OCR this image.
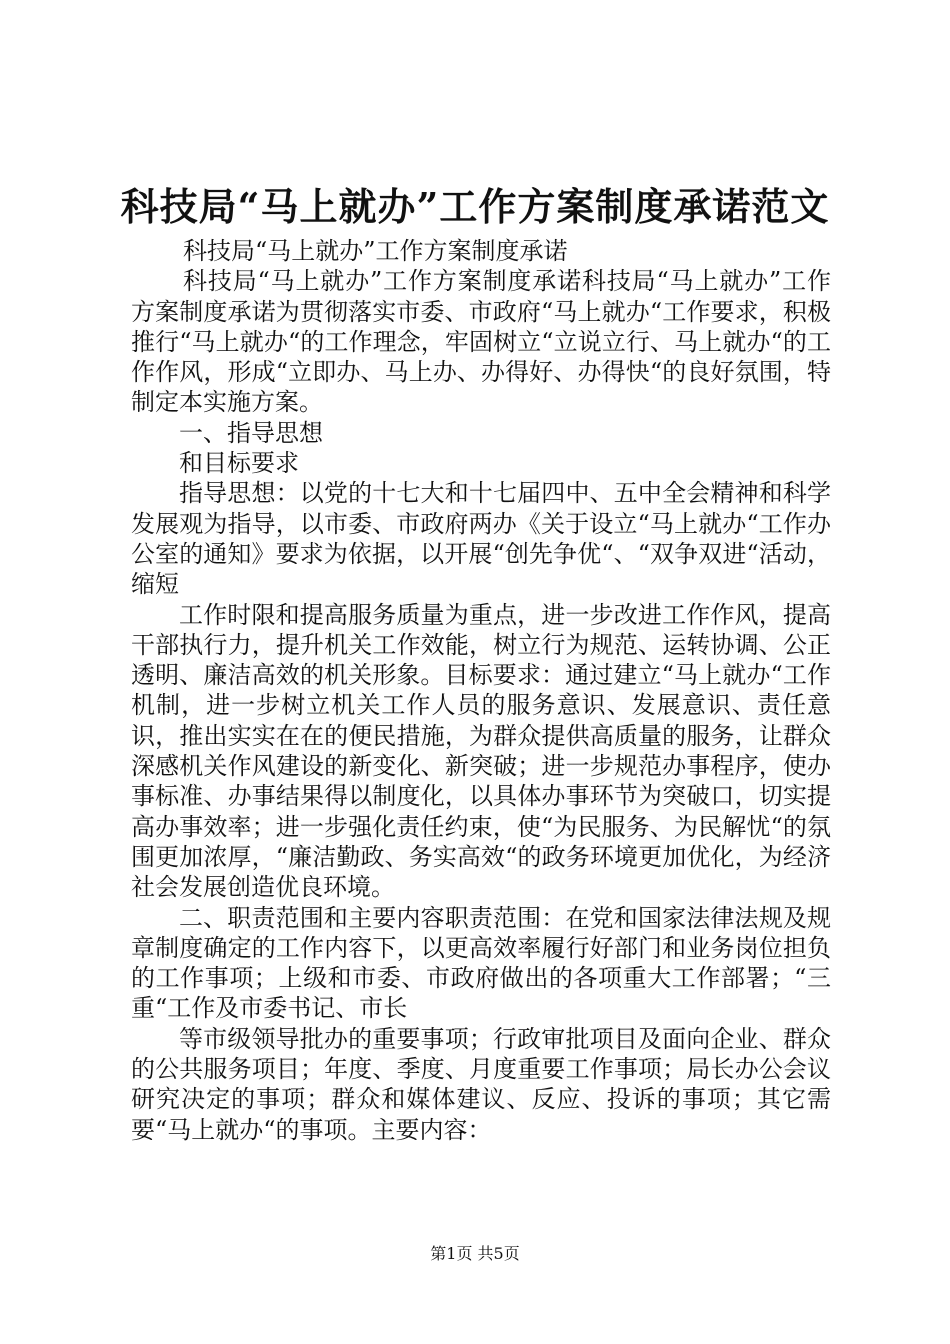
科技局“马上就办”工作方案制度承诺范文

科技局“马上就办”工作方案制度承诺

科技局“马上就办”工作方案制度承诺科技局“马上就办”工作方案制度承诺为贯彻落实市委、市政府“马上就办“工作要求，积极推行“马上就办“的工作理念，牢固树立“立说立行、马上就办“的工作作风，形成“立即办、马上办、办得好、办得快“的良好氛围，特制定本实施方案。

一、指导思想

和目标要求

指导思想：以党的十七大和十七届四中、五中全会精神和科学发展观为指导，以市委、市政府两办《关于设立“马上就办“工作办公室的通知》要求为依据，以开展“创先争优“、“双争双进“活动，缩短

工作时限和提高服务质量为重点，进一步改进工作作风，提高干部执行力，提升机关工作效能，树立行为规范、运转协调、公正透明、廉洁高效的机关形象。目标要求：通过建立“马上就办“工作机制，进一步树立机关工作人员的服务意识、发展意识、责任意识，推出实实在在的便民措施，为群众提供高质量的服务，让群众深感机关作风建设的新变化、新突破；进一步规范办事程序，使办事标准、办事结果得以制度化，以具体办事环节为突破口，切实提高办事效率；进一步强化责任约束，使“为民服务、为民解忧“的氛围更加浓厚，“廉洁勤政、务实高效“的政务环境更加优化，为经济社会发展创造优良环境。

二、职责范围和主要内容职责范围：在党和国家法律法规及规章制度确定的工作内容下，以更高效率履行好部门和业务岗位担负的工作事项；上级和市委、市政府做出的各项重大工作部署；“三重“工作及市委书记、市长

等市级领导批办的重要事项；行政审批项目及面向企业、群众的公共服务项目；年度、季度、月度重要工作事项；局长办公会议研究决定的事项；群众和媒体建议、反应、投诉的事项；其它需要“马上就办“的事项。主要内容：

第1页 共5页
